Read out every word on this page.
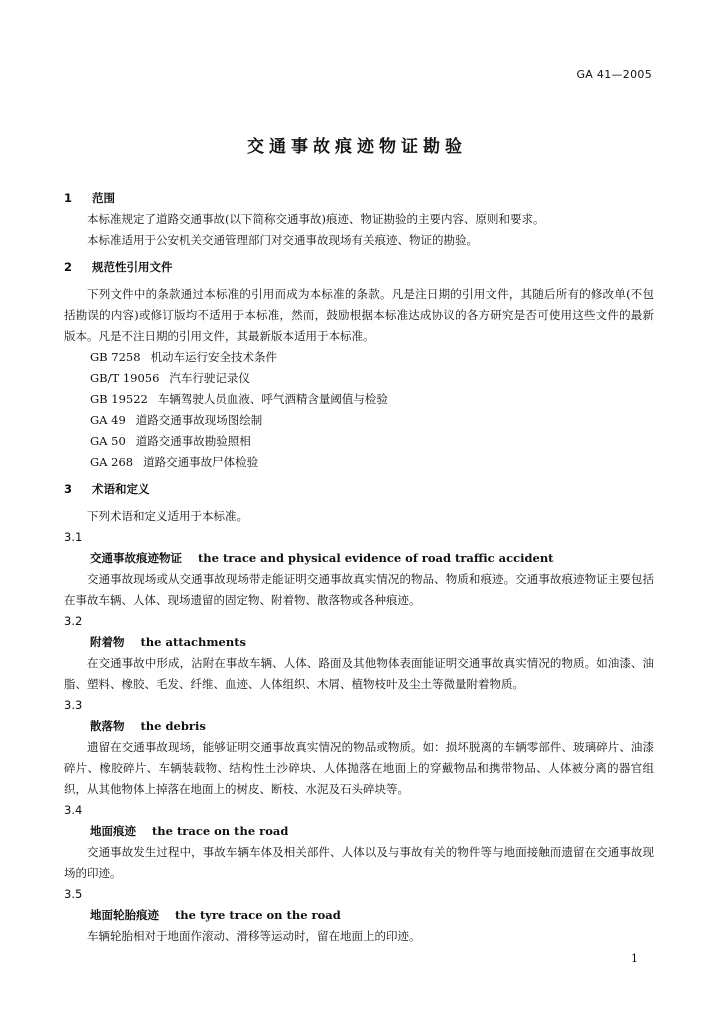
GA 41—2005
交通事故痕迹物证勘验

1 范围

本标准规定了道路交通事故(以下简称交通事故)痕迹、物证勘验的主要内容、原则和要求。

本标准适用于公安机关交通管理部门对交通事故现场有关痕迹、物证的勘验。

2 规范性引用文件

下列文件中的条款通过本标准的引用而成为本标准的条款。凡是注日期的引用文件，其随后所有的修改单(不包括勘误的内容)或修订版均不适用于本标准，然而，鼓励根据本标准达成协议的各方研究是否可使用这些文件的最新版本。凡是不注日期的引用文件，其最新版本适用于本标准。

GB 7258 机动车运行安全技术条件

GB/T 19056 汽车行驶记录仪

GB 19522 车辆驾驶人员血液、呼气酒精含量阈值与检验

GA 49 道路交通事故现场图绘制

GA 50 道路交通事故勘验照相

GA 268 道路交通事故尸体检验

3 术语和定义

下列术语和定义适用于本标准。

3.1

交通事故痕迹物证 the trace and physical evidence of road traffic accident

交通事故现场或从交通事故现场带走能证明交通事故真实情况的物品、物质和痕迹。交通事故痕迹物证主要包括在事故车辆、人体、现场遗留的固定物、附着物、散落物或各种痕迹。

3.2

附着物 the attachments

在交通事故中形成，沾附在事故车辆、人体、路面及其他物体表面能证明交通事故真实情况的物质。如油漆、油脂、塑料、橡胶、毛发、纤维、血迹、人体组织、木屑、植物枝叶及尘土等微量附着物质。

3.3

散落物 the debris

遗留在交通事故现场，能够证明交通事故真实情况的物品或物质。如：损坏脱离的车辆零部件、玻璃碎片、油漆碎片、橡胶碎片、车辆装载物、结构性土沙碎块、人体抛落在地面上的穿戴物品和携带物品、人体被分离的器官组织，从其他物体上掉落在地面上的树皮、断枝、水泥及石头碎块等。

3.4

地面痕迹 the trace on the road

交通事故发生过程中，事故车辆车体及相关部件、人体以及与事故有关的物件等与地面接触而遗留在交通事故现场的印迹。

3.5

地面轮胎痕迹 the tyre trace on the road

车辆轮胎相对于地面作滚动、滑移等运动时，留在地面上的印迹。

1
